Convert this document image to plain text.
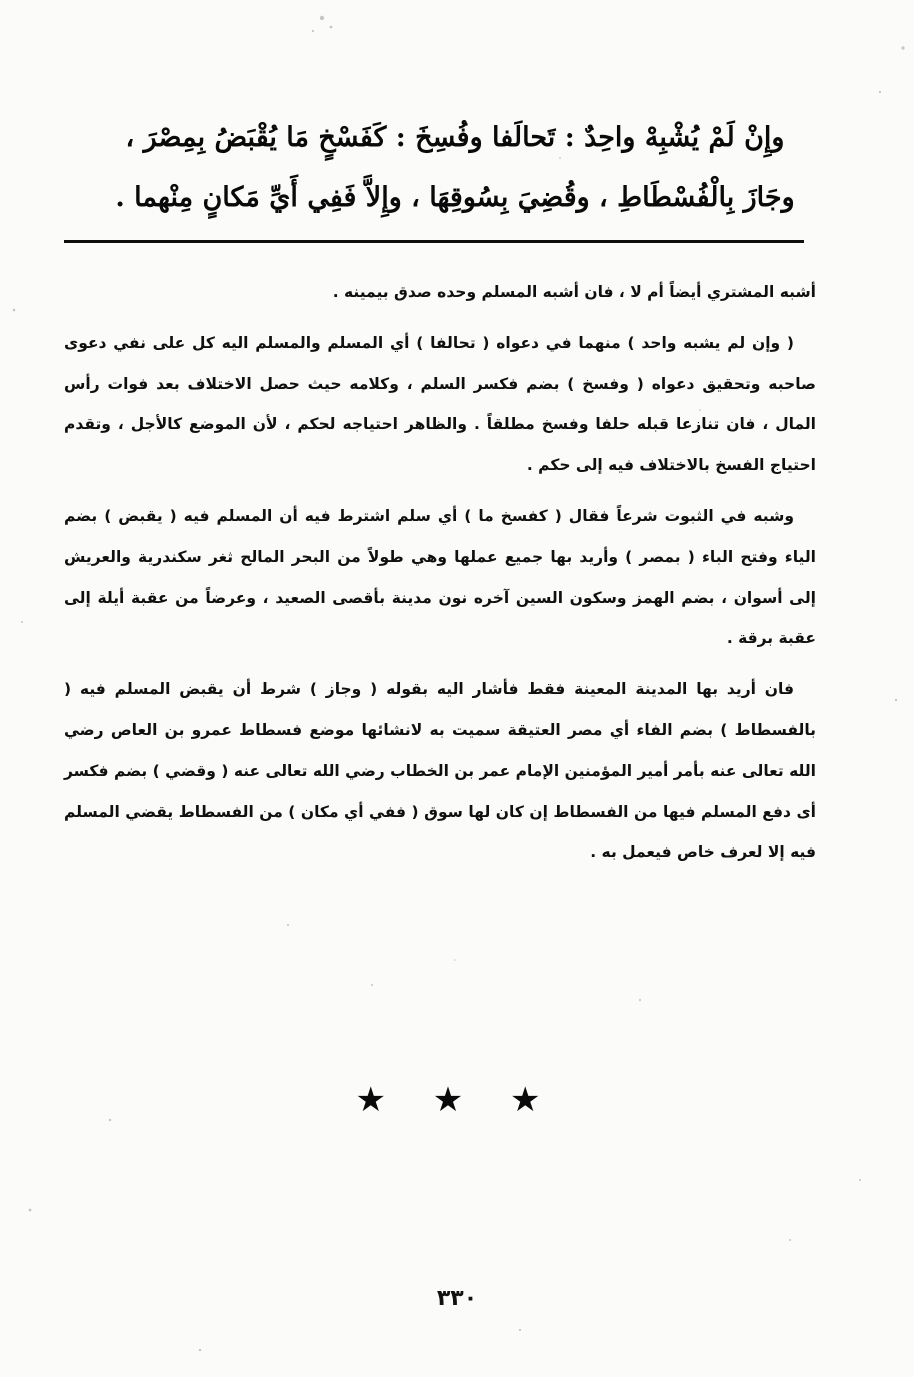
وإِنْ لَمْ يُشْبِهْ واحِدٌ : تَحالَفا وفُسِخَ : كَفَسْخٍ مَا يُقْبَضُ بِمِصْرَ ،
وجَازَ بِالْفُسْطَاطِ ، وقُضِيَ بِسُوقِهَا ، وإِلاَّ فَفِي أَيِّ مَكانٍ مِنْهما .

أشبه المشتري أيضاً أم لا ، فان أشبه المسلم وحده صدق بيمينه .

( وإن لم يشبه واحد ) منهما في دعواه ( تحالفا ) أي المسلم والمسلم اليه كل على نفي دعوى صاحبه وتحقيق دعواه ( وفسخ ) بضم فكسر السلم ، وكلامه حيث حصل الاختلاف بعد فوات رأس المال ، فان تنازعا قبله حلفا وفسخ مطلقاً . والظاهر احتياجه لحكم ، لأن الموضع كالأجل ، وتقدم احتياج الفسخ بالاختلاف فيه إلى حكم .

وشبه في الثبوت شرعاً فقال ( كفسخ ما ) أي سلم اشترط فيه أن المسلم فيه ( يقبض ) بضم الياء وفتح الباء ( بمصر ) وأريد بها جميع عملها وهي طولاً من البحر المالح ثغر سكندرية والعريش إلى أسوان ، بضم الهمز وسكون السين آخره نون مدينة بأقصى الصعيد ، وعرضاً من عقبة أيلة إلى عقبة برقة .

فان أريد بها المدينة المعينة فقط فأشار اليه بقوله ( وجاز ) شرط أن يقبض المسلم فيه ( بالفسطاط ) بضم الفاء أي مصر العتيقة سميت به لانشائها موضع فسطاط عمرو بن العاص رضي الله تعالى عنه بأمر أمير المؤمنين الإمام عمر بن الخطاب رضي الله تعالى عنه ( وقضي ) بضم فكسر أى دفع المسلم فيها من الفسطاط إن كان لها سوق ( ففي أي مكان ) من الفسطاط يقضي المسلم فيه إلا لعرف خاص فيعمل به .

★ ★ ★
٣٣٠
